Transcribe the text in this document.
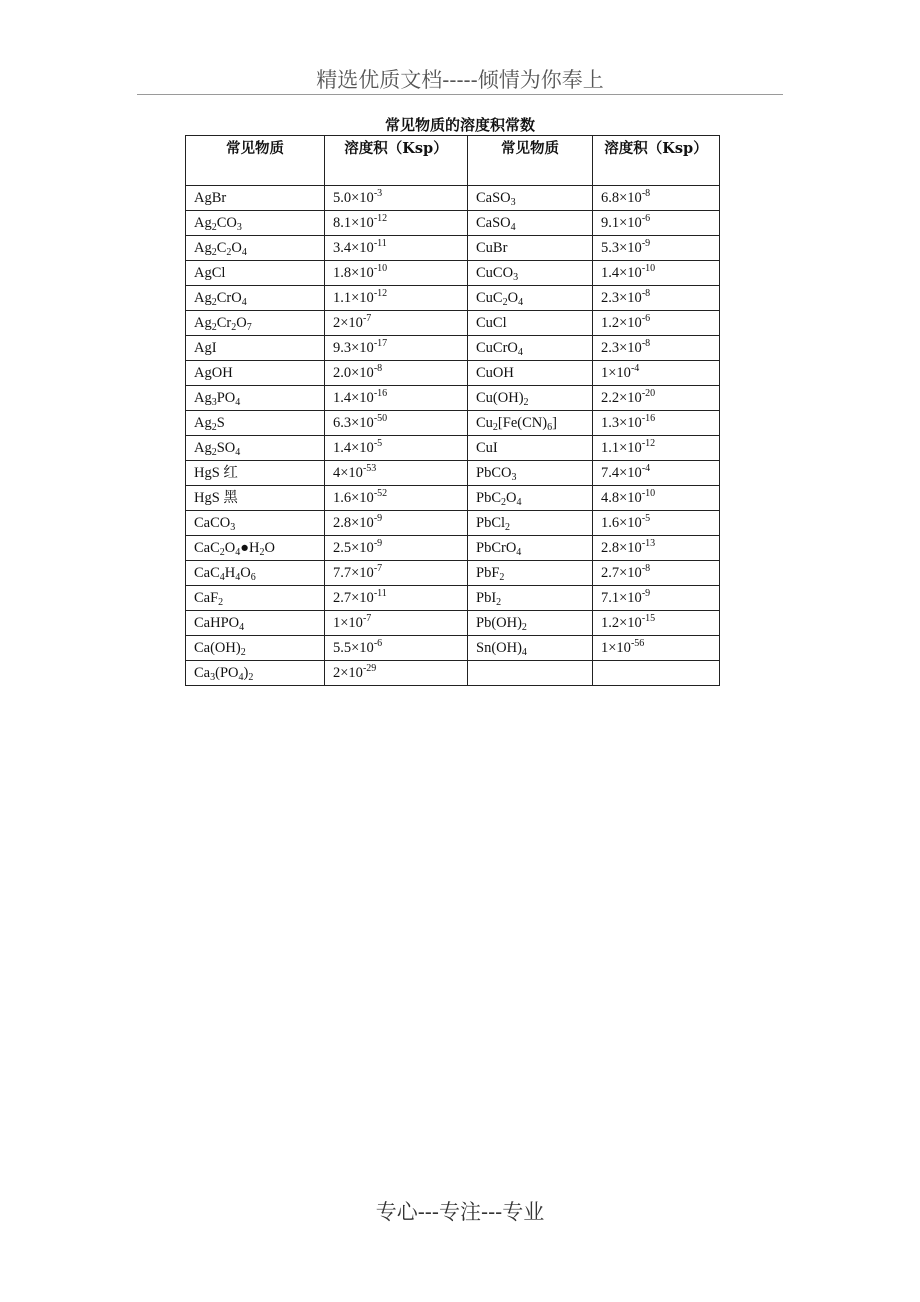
精选优质文档-----倾情为你奉上
常见物质的溶度积常数
常见物质	溶度积（Ksp）	常见物质	溶度积（Ksp）

AgBr	$5.0\times 10^{-3}$	CaSO$_3$	$6.8\times 10^{-8}$
$Ag_2CO_3$	$8.1\times 10^{-12}$	CaSO$_4$	$9.1\times 10^{-6}$
$Ag_2C_2O_4$	$3.4\times 10^{-11}$	CuBr	$5.3\times 10^{-9}$
AgCl	$1.8\times 10^{-10}$	CuCO$_3$	$1.4\times 10^{-10}$
$Ag_2CrO_4$	$1.1\times 10^{-12}$	$CuC_2O_4$	$2.3\times 10^{-8}$
$Ag_2Cr_2O_7$	$2\times 10^{-7}$	CuCl	$1.2\times 10^{-6}$
AgI	$9.3\times 10^{-17}$	CuCrO$_4$	$2.3\times 10^{-8}$
AgOH	$2.0\times 10^{-8}$	CuOH	$1\times 10^{-4}$
$Ag_3PO_4$	$1.4\times 10^{-16}$	$Cu(OH)_2$	$2.2\times 10^{-20}$
$Ag_2S$	$6.3\times 10^{-50}$	$Cu_2[Fe(CN)_6]$	$1.3\times 10^{-16}$
$Ag_2SO_4$	$1.4\times 10^{-5}$	CuI	$1.1\times 10^{-12}$
HgS 红	$4\times 10^{-53}$	PbCO$_3$	$7.4\times 10^{-4}$
HgS 黑	$1.6\times 10^{-52}$	$PbC_2O_4$	$4.8\times 10^{-10}$
CaCO$_3$	$2.8\times 10^{-9}$	PbCl$_2$	$1.6\times 10^{-5}$
$CaC_2O_4●H_2O$	$2.5\times 10^{-9}$	PbCrO$_4$	$2.8\times 10^{-13}$
$CaC_4H_4O_6$	$7.7\times 10^{-7}$	PbF$_2$	$2.7\times 10^{-8}$
CaF$_2$	$2.7\times 10^{-11}$	PbI$_2$	$7.1\times 10^{-9}$
CaHPO$_4$	$1\times 10^{-7}$	$Pb(OH)_2$	$1.2\times 10^{-15}$
$Ca(OH)_2$	$5.5\times 10^{-6}$	$Sn(OH)_4$	$1\times 10^{-56}$
$Ca_3(PO_4)_2$	$2\times 10^{-29}$		
专心---专注---专业
